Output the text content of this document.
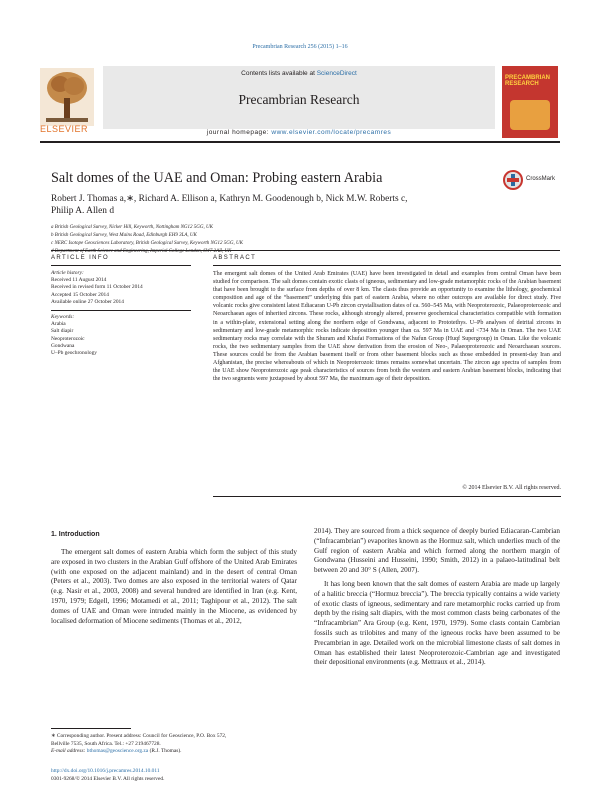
Precambrian Research 256 (2015) 1–16
ELSEVIER
Contents lists available at ScienceDirect
Precambrian Research
journal homepage: www.elsevier.com/locate/precamres
PRECAMBRIAN RESEARCH
Salt domes of the UAE and Oman: Probing eastern Arabia	CrossMark
Robert J. Thomas a,∗, Richard A. Ellison a, Kathryn M. Goodenough b, Nick M.W. Roberts c,
Philip A. Allen d
a British Geological Survey, Nicker Hill, Keyworth, Nottingham NG12 5GG, UK
b British Geological Survey, West Mains Road, Edinburgh EH9 3LA, UK
c NERC Isotope Geosciences Laboratory, British Geological Survey, Keyworth NG12 5GG, UK
d Department of Earth Science and Engineering, Imperial College London, SW7 2AZ, UK
ARTICLE INFO	ABSTRACT
Article history:
Received 11 August 2014
Received in revised form 11 October 2014
Accepted 15 October 2014
Available online 27 October 2014
Keywords:
Arabia
Salt diapir
Neoproterozoic
Gondwana
U–Pb geochronology
The emergent salt domes of the United Arab Emirates (UAE) have been investigated in detail and examples from central Oman have been studied for comparison. The salt domes contain exotic clasts of igneous, sedimentary and low-grade metamorphic rocks of the Arabian basement that have been brought to the surface from depths of over 8 km. The clasts thus provide an opportunity to examine the lithology, geochemical composition and age of the “basement” underlying this part of eastern Arabia, where no other outcrops are available for direct study. Five volcanic rocks give consistent latest Ediacaran U-Pb zircon crystallisation dates of ca. 560–545 Ma, with Neoproterozoic, Palaeoproterozoic and Neoarchaean ages of inherited zircons. These rocks, although strongly altered, preserve geochemical characteristics compatible with formation in a within-plate, extensional setting along the northern edge of Gondwana, adjacent to Prototethys. U–Pb analyses of detrital zircons in sedimentary and low-grade metamorphic rocks indicate deposition younger than ca. 597 Ma in UAE and <734 Ma in Oman. The two UAE sedimentary rocks may correlate with the Shuram and Khufai Formations of the Nafun Group (Huqf Supergroup) in Oman. Like the volcanic rocks, the two sedimentary samples from the UAE show derivation from the erosion of Neo-, Palaeoproterozoic and Neoarchaean sources. These sources could be from the Arabian basement itself or from other basement blocks such as those embedded in present-day Iran and Afghanistan, the precise whereabouts of which in Neoproterozoic times remains somewhat uncertain. The zircon age spectra of samples from the UAE show Neoproterozoic age peak characteristics of sources from both the western and eastern Arabian basement blocks, indicating that the two segments were juxtaposed by about 597 Ma, the maximum age of their deposition.
© 2014 Elsevier B.V. All rights reserved.
1. Introduction

The emergent salt domes of eastern Arabia which form the subject of this study are exposed in two clusters in the Arabian Gulf offshore of the United Arab Emirates (with one exposed on the adjacent mainland) and in the desert of central Oman (Peters et al., 2003). Two domes are also exposed in the territorial waters of Qatar (e.g. Nasir et al., 2003, 2008) and several hundred are identified in Iran (e.g. Kent, 1970, 1979; Edgell, 1996; Motamedi et al., 2011; Taghipour et al., 2012). The salt domes of UAE and Oman were intruded mainly in the Miocene, as evidenced by localised deformation of Miocene sediments (Thomas et al., 2012,

2014). They are sourced from a thick sequence of deeply buried Ediacaran-Cambrian (“Infracambrian”) evaporites known as the Hormuz salt, which underlies much of the Gulf region of eastern Arabia and which formed along the northern margin of Gondwana (Husseini and Husseini, 1990; Smith, 2012) in a palaeo-latitudinal belt between 20 and 30° S (Allen, 2007).

It has long been known that the salt domes of eastern Arabia are made up largely of a halitic breccia (“Hormuz breccia”). The breccia typically contains a wide variety of exotic clasts of igneous, sedimentary and rare metamorphic rocks carried up from depth by the rising salt diapirs, with the most common clasts being carbonates of the “Infracambrian” Ara Group (e.g. Kent, 1970, 1979). Some clasts contain Cambrian fossils such as trilobites and many of the igneous rocks have been assumed to be Precambrian in age. Detailed work on the microbial limestone clasts of salt domes in Oman has established their latest Neoproterozoic-Cambrian age and investigated their depositional environments (e.g. Mettraux et al., 2014).

∗ Corresponding author. Present address: Council for Geoscience, P.O. Box 572,
Bellville 7535, South Africa. Tel.: +27 219467728.
E-mail address: bthomas@geoscience.org.za (R.J. Thomas).
http://dx.doi.org/10.1016/j.precamres.2014.10.011
0301-9268/© 2014 Elsevier B.V. All rights reserved.
